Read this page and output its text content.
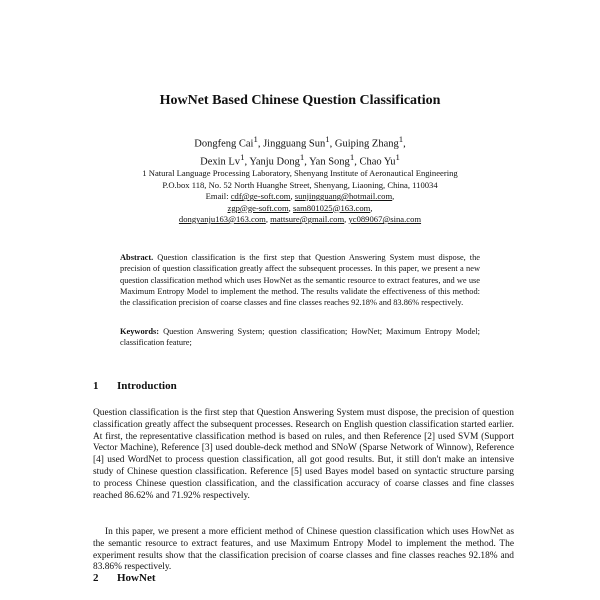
HowNet Based Chinese Question Classification
Dongfeng Cai$^1$, Jingguang Sun$^1$, Guiping Zhang$^1$,
Dexin Lv$^1$, Yanju Dong$^1$, Yan Song$^1$, Chao Yu$^1$
1 Natural Language Processing Laboratory, Shenyang Institute of Aeronautical Engineering
P.O.box 118, No. 52 North Huanghe Street, Shenyang, Liaoning, China, 110034
Email: cdf@ge-soft.com, sunjingguang@hotmail.com,
zgp@ge-soft.com, sam801025@163.com,
dongyanju163@163.com, mattsure@gmail.com, yc089067@sina.com
Abstract. Question classification is the first step that Question Answering System must dispose, the precision of question classification greatly affect the subsequent processes. In this paper, we present a new question classification method which uses HowNet as the semantic resource to extract features, and we use Maximum Entropy Model to implement the method. The results validate the effectiveness of this method: the classification precision of coarse classes and fine classes reaches 92.18% and 83.86% respectively.
Keywords: Question Answering System; question classification; HowNet; Maximum Entropy Model; classification feature;
1 Introduction
Question classification is the first step that Question Answering System must dispose, the precision of question classification greatly affect the subsequent processes. Research on English question classification started earlier. At first, the representative classification method is based on rules, and then Reference [2] used SVM (Support Vector Machine), Reference [3] used double-deck method and SNoW (Sparse Network of Winnow), Reference [4] used WordNet to process question classification, all got good results. But, it still don't make an intensive study of Chinese question classification. Reference [5] used Bayes model based on syntactic structure parsing to process Chinese question classification, and the classification accuracy of coarse classes and fine classes reached 86.62% and 71.92% respectively.
In this paper, we present a more efficient method of Chinese question classification which uses HowNet as the semantic resource to extract features, and use Maximum Entropy Model to implement the method. The experiment results show that the classification precision of coarse classes and fine classes reaches 92.18% and 83.86% respectively.
2 HowNet
